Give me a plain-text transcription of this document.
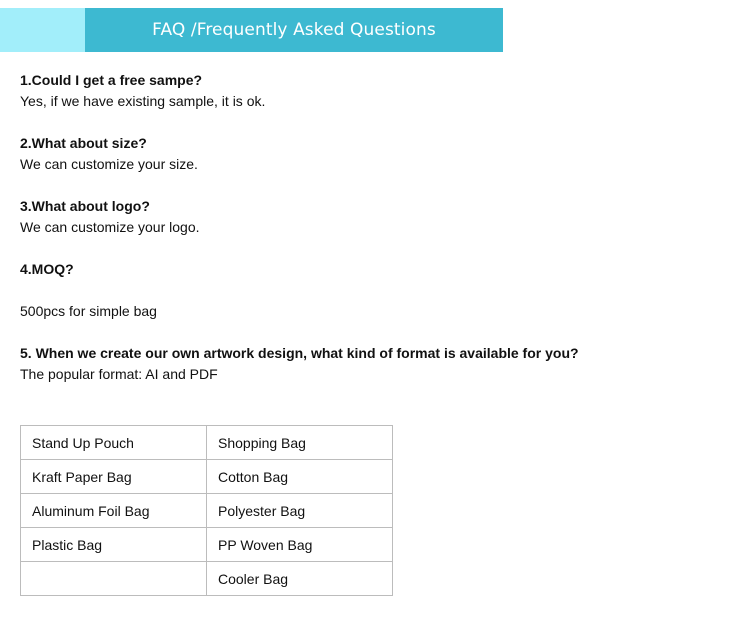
FAQ /Frequently Asked Questions
1.Could I get a free sampe?
Yes, if we have existing sample, it is ok.
2.What about size?
We can customize your size.
3.What about logo?
We can customize your logo.
4.MOQ?
500pcs for simple bag
5. When we create our own artwork design, what kind of format is available for you?
The popular format: AI and PDF
Stand Up Pouch	Shopping Bag
Kraft Paper Bag	Cotton Bag
Aluminum Foil Bag	Polyester Bag
Plastic Bag	PP Woven Bag
	Cooler Bag
